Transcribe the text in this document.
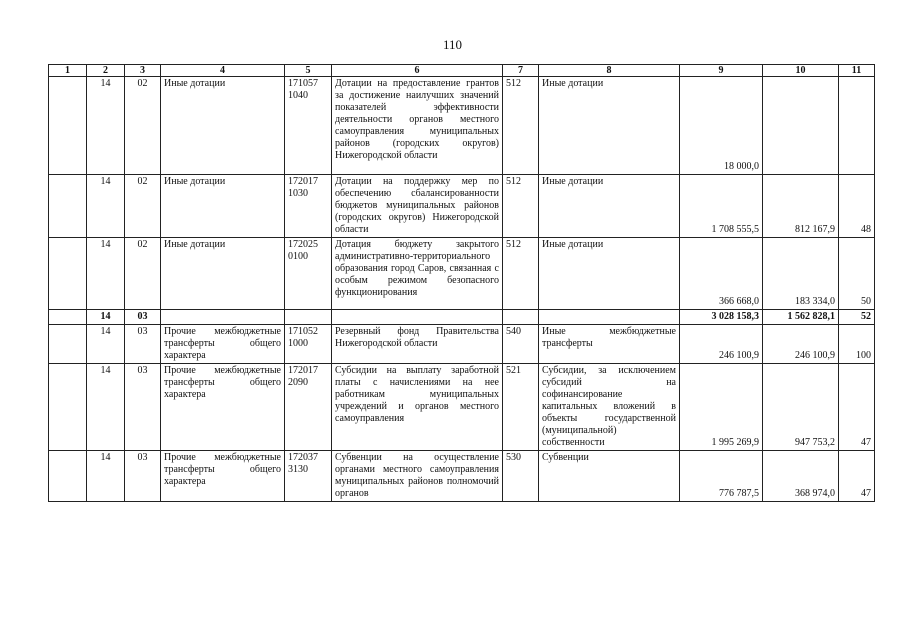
110
1	2	3	4	5	6	7	8	9	10	11
	14	02	Иные дотации	171057 1040	Дотации на предоставление грантов за достижение наилучших значений показателей эффективности деятельности органов местного самоуправления муниципальных районов (городских округов) Нижегородской области	512	Иные дотации	18 000,0		
	14	02	Иные дотации	172017 1030	Дотации на поддержку мер по обеспечению сбалансированности бюджетов муниципальных районов (городских округов) Нижегородской области	512	Иные дотации	1 708 555,5	812 167,9	48
	14	02	Иные дотации	172025 0100	Дотация бюджету закрытого административно-территориального образования город Саров, связанная с особым режимом безопасного функционирования	512	Иные дотации	366 668,0	183 334,0	50
	14	03						3 028 158,3	1 562 828,1	52
	14	03	Прочие межбюджетные трансферты общего характера	171052 1000	Резервный фонд Правительства Нижегородской области	540	Иные межбюджетные трансферты	246 100,9	246 100,9	100
	14	03	Прочие межбюджетные трансферты общего характера	172017 2090	Субсидии на выплату заработной платы с начислениями на нее работникам муниципальных учреждений и органов местного самоуправления	521	Субсидии, за исключением субсидий на софинансирование капитальных вложений в объекты государственной (муниципальной) собственности	1 995 269,9	947 753,2	47
	14	03	Прочие межбюджетные трансферты общего характера	172037 3130	Субвенции на осуществление органами местного самоуправления муниципальных районов полномочий органов	530	Субвенции	776 787,5	368 974,0	47
